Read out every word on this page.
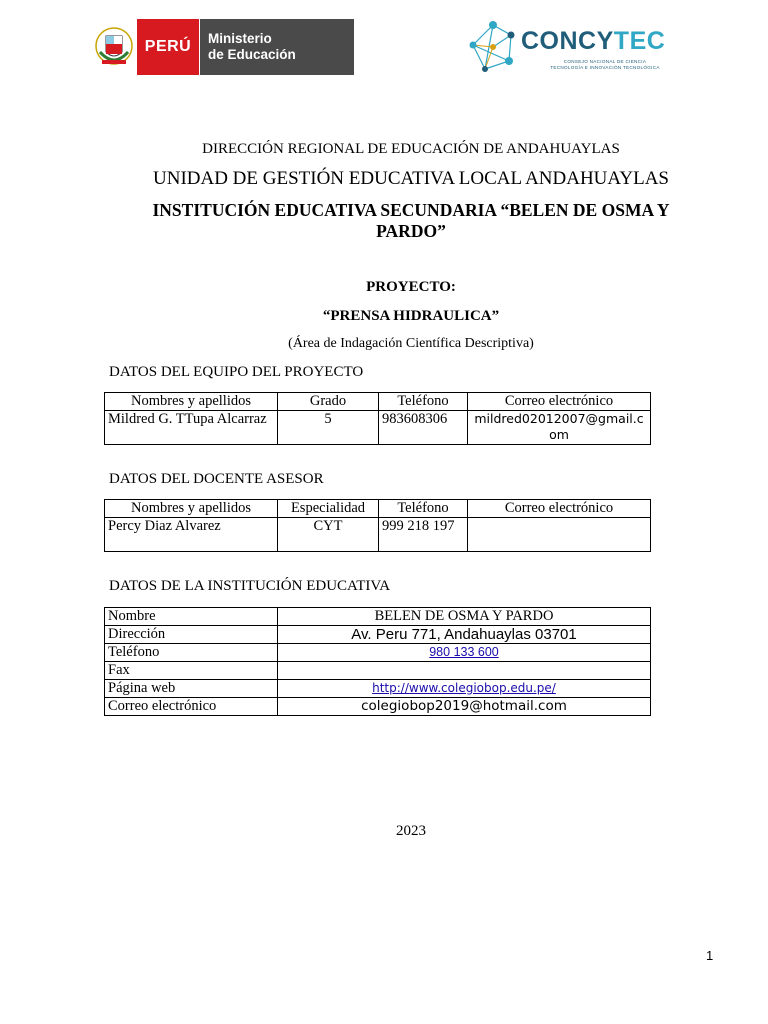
PERÚ	Ministerio
de Educación	CONCYTEC
CONSEJO NACIONAL DE CIENCIA
TECNOLOGÍA E INNOVACIÓN TECNOLÓGICA
DIRECCIÓN REGIONAL DE EDUCACIÓN DE ANDAHUAYLAS
UNIDAD DE GESTIÓN EDUCATIVA LOCAL ANDAHUAYLAS
INSTITUCIÓN EDUCATIVA SECUNDARIA “BELEN DE OSMA Y PARDO”
PROYECTO:
“PRENSA HIDRAULICA”
(Área de Indagación Científica Descriptiva)
DATOS DEL EQUIPO DEL PROYECTO
Nombres y apellidos	Grado	Teléfono	Correo electrónico
Mildred G. TTupa Alcarraz	5	983608306	mildred02012007@gmail.com
DATOS DEL DOCENTE ASESOR
Nombres y apellidos	Especialidad	Teléfono	Correo electrónico
Percy Diaz Alvarez	CYT	999 218 197	
DATOS DE LA INSTITUCIÓN EDUCATIVA
Nombre	BELEN DE OSMA Y PARDO
Dirección	Av. Peru 771, Andahuaylas 03701
Teléfono	980 133 600
Fax	
Página web	http://www.colegiobop.edu.pe/
Correo electrónico	colegiobop2019@hotmail.com
2023
1
